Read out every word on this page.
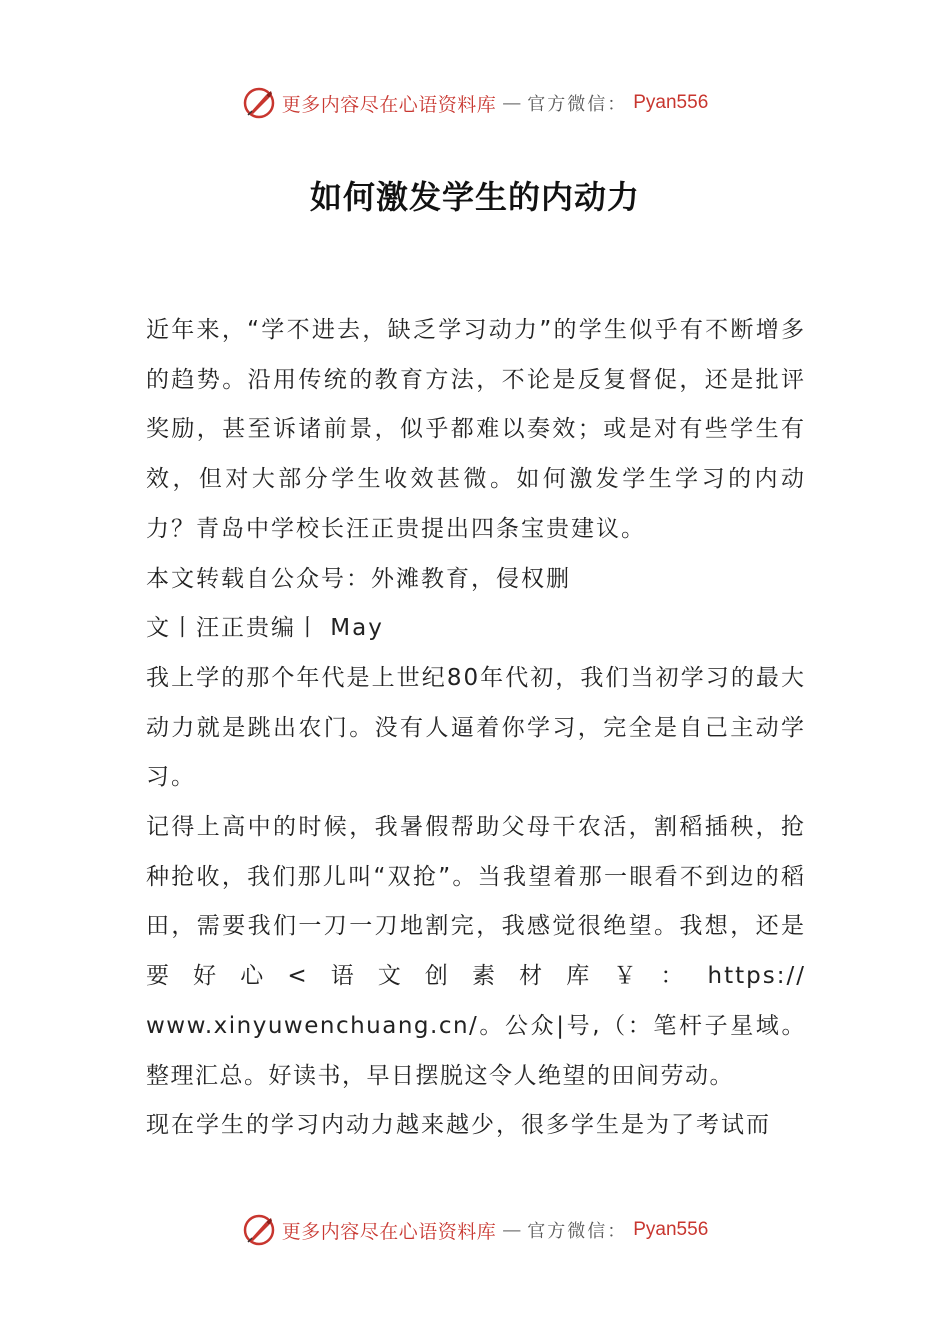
更多内容尽在心语资料库 — 官方微信： Pyan556
如何激发学生的内动力

近年来，“学不进去，缺乏学习动力”的学生似乎有不断增多的趋势。沿用传统的教育方法，不论是反复督促，还是批评奖励，甚至诉诸前景，似乎都难以奏效；或是对有些学生有效，但对大部分学生收效甚微。如何激发学生学习的内动力？青岛中学校长汪正贵提出四条宝贵建议。

本文转载自公众号：外滩教育，侵权删

文丨汪正贵编丨 May

我上学的那个年代是上世纪80年代初，我们当初学习的最大动力就是跳出农门。没有人逼着你学习，完全是自己主动学习。

记得上高中的时候，我暑假帮助父母干农活，割稻插秧，抢种抢收，我们那儿叫“双抢”。当我望着那一眼看不到边的稻田，需要我们一刀一刀地割完，我感觉很绝望。我想，还是要好心<语文创素材库￥：https://

www.xinyuwenchuang.cn/。公众|号,（：笔杆子星域。整理汇总。好读书，早日摆脱这令人绝望的田间劳动。

现在学生的学习内动力越来越少，很多学生是为了考试而

更多内容尽在心语资料库 — 官方微信： Pyan556
